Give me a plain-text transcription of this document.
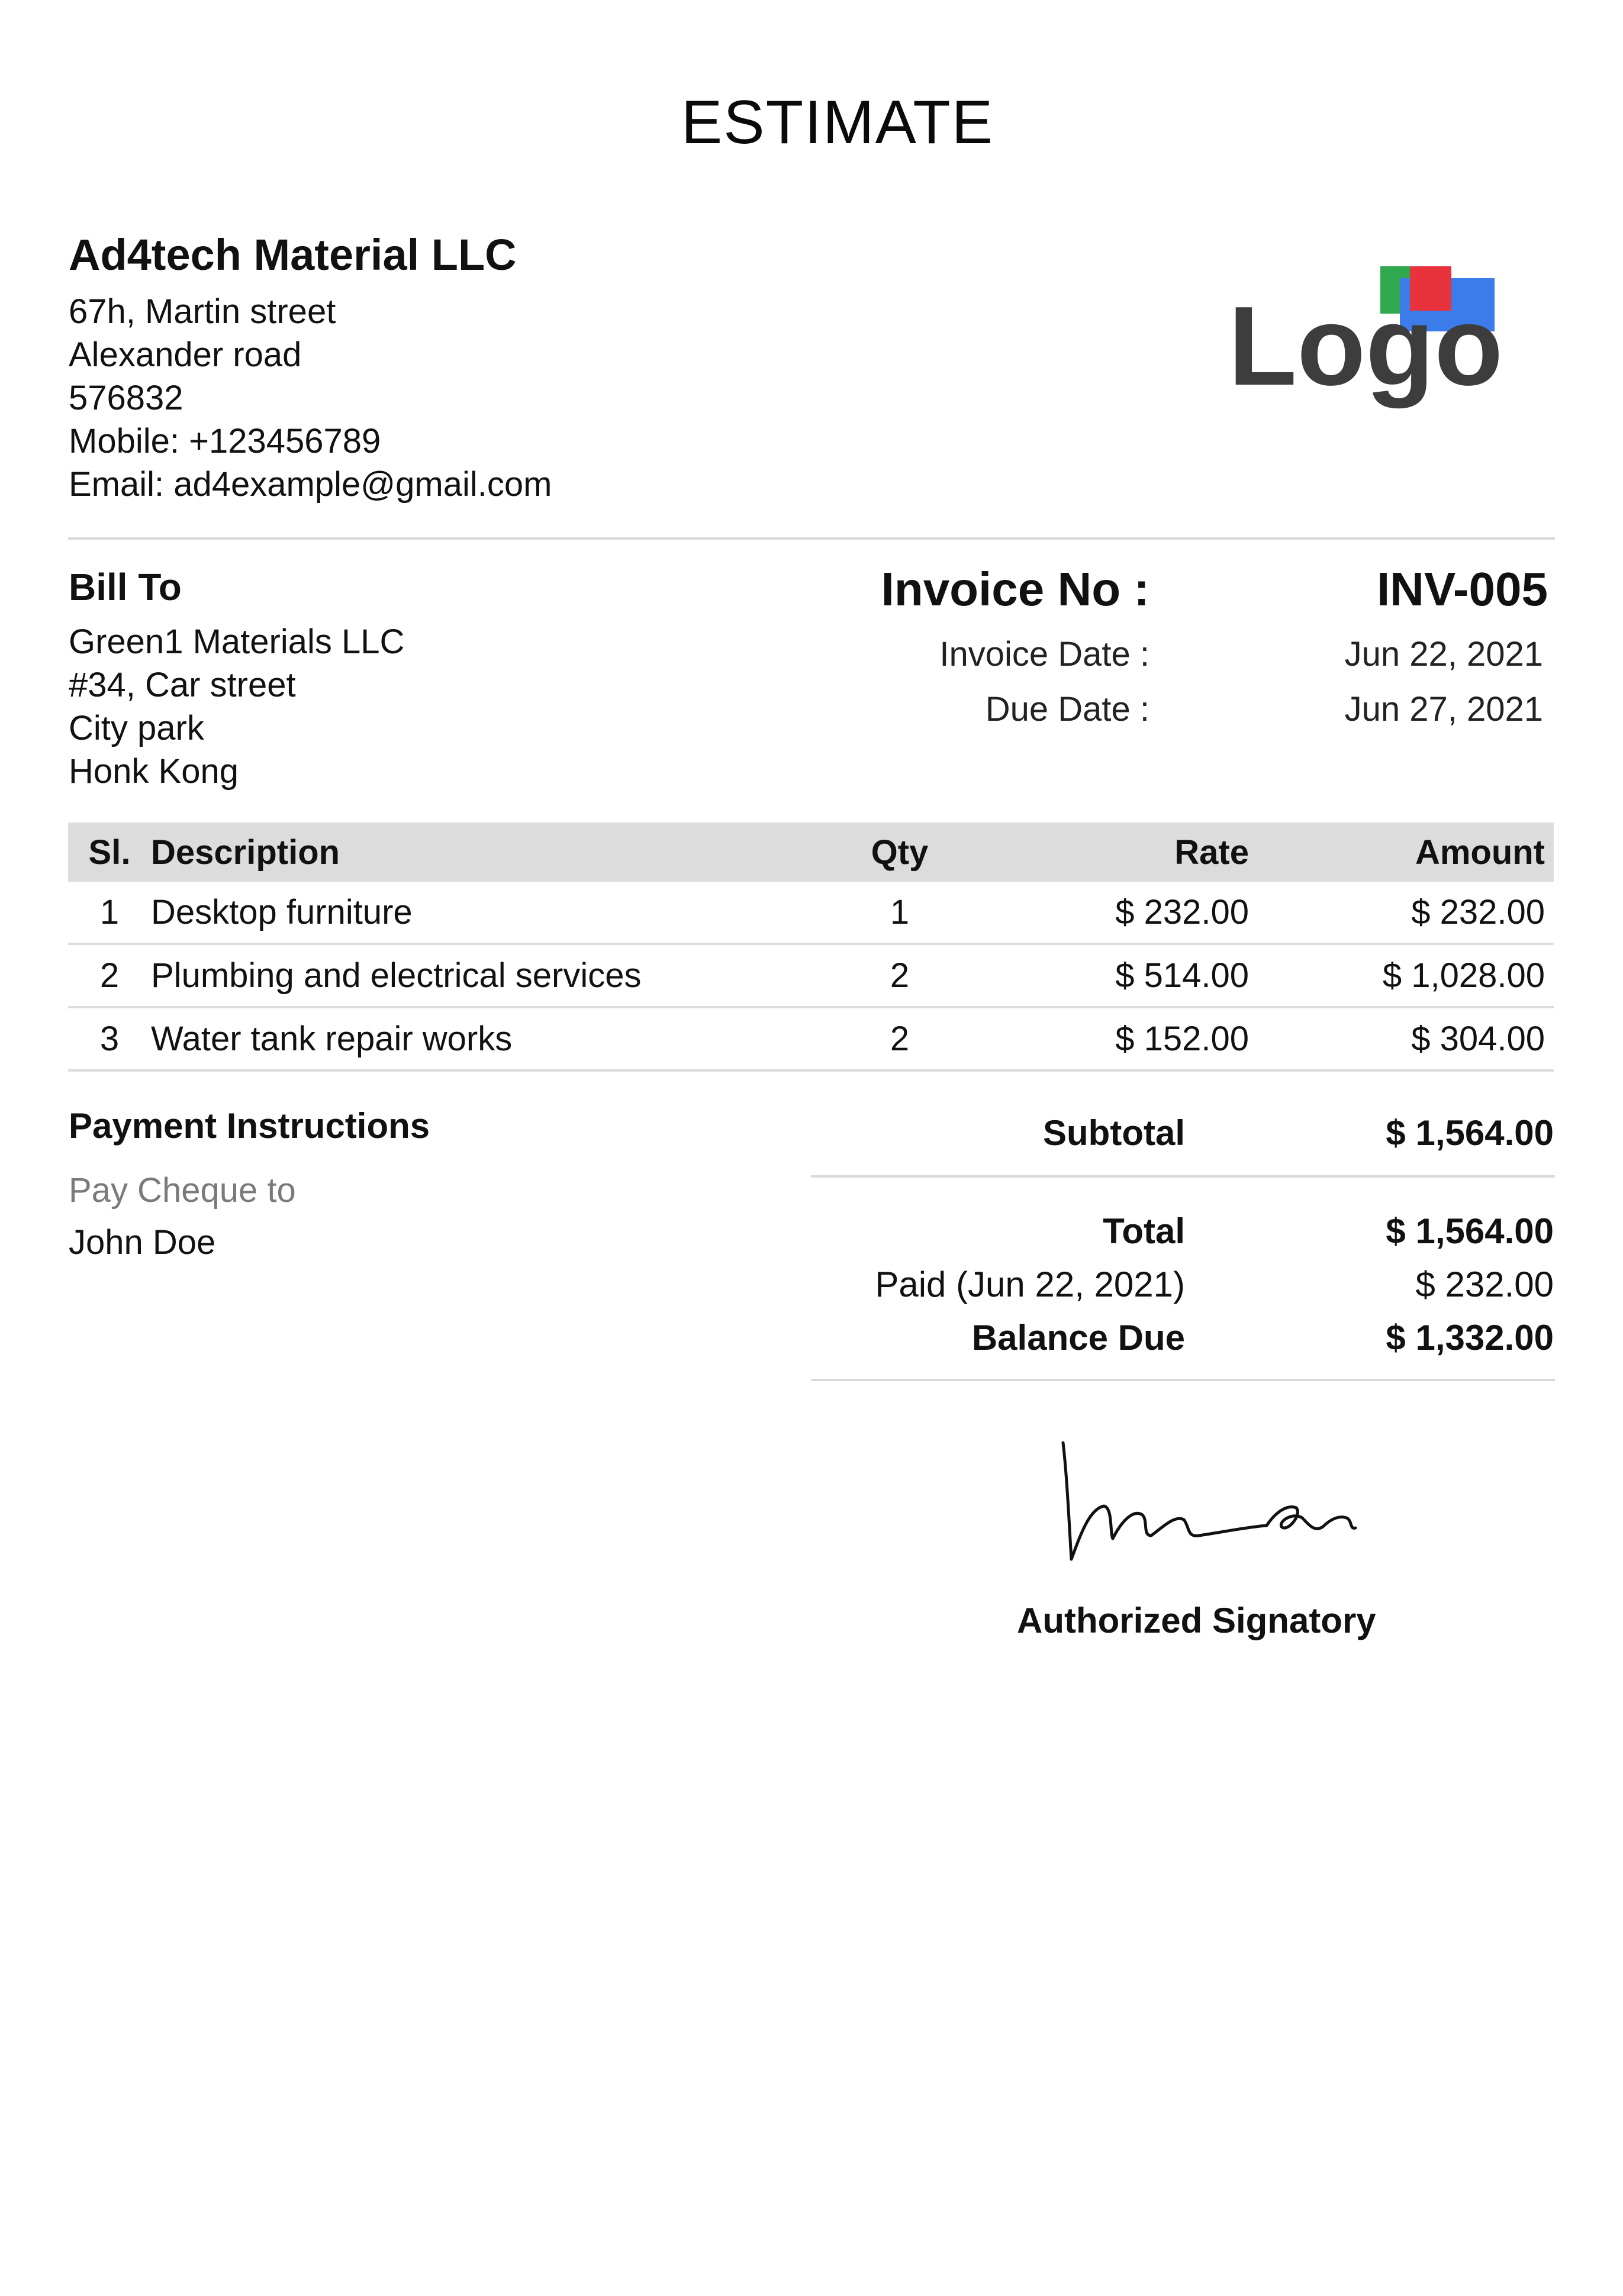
ESTIMATE
Ad4tech Material LLC
67h, Martin street
Alexander road
576832
Mobile: +123456789
Email: ad4example@gmail.com
Logo
Bill To
Green1 Materials LLC
#34, Car street
City park
Honk Kong
Invoice No :	INV-005
Invoice Date :	Jun 22, 2021
Due Date :	Jun 27, 2021
Sl.	Description	Qty	Rate	Amount
1	Desktop furniture	1	$ 232.00	$ 232.00
2	Plumbing and electrical services	2	$ 514.00	$ 1,028.00
3	Water tank repair works	2	$ 152.00	$ 304.00
Payment Instructions
Pay Cheque to
John Doe
Subtotal	$ 1,564.00
Total	$ 1,564.00
Paid (Jun 22, 2021)	$ 232.00
Balance Due	$ 1,332.00
Authorized Signatory
